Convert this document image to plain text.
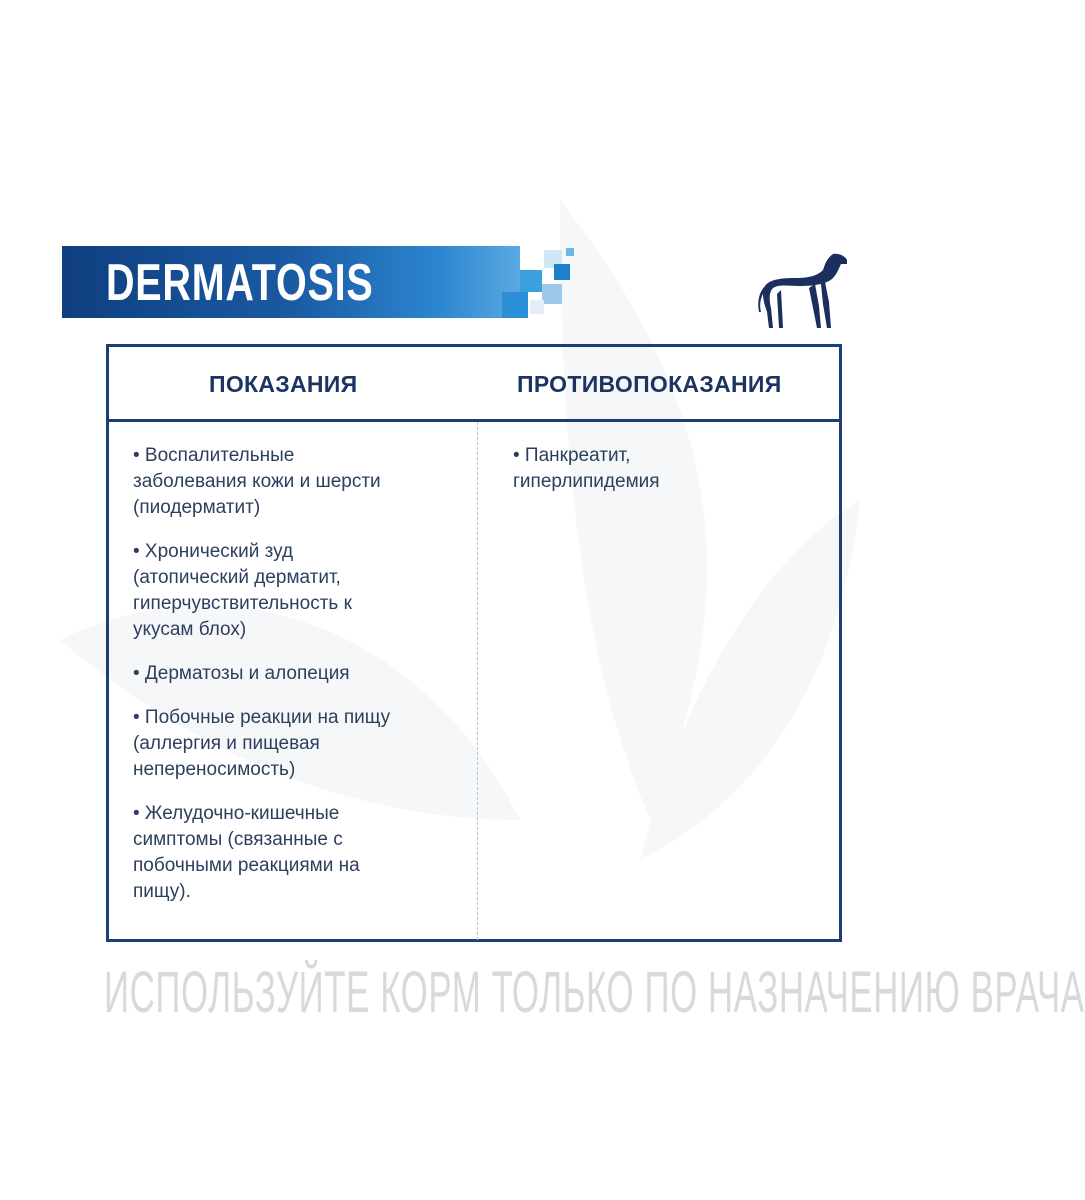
DERMATOSIS
ПОКАЗАНИЯ	ПРОТИВОПОКАЗАНИЯ
• Воспалительные
заболевания кожи и шерсти
(пиодерматит)
• Хронический зуд
(атопический дерматит,
гиперчувствительность к
укусам блох)
• Дерматозы и алопеция
• Побочные реакции на пищу
(аллергия и пищевая
непереносимость)
• Желудочно-кишечные
симптомы (связанные с
побочными реакциями на
пищу).
• Панкреатит,
гиперлипидемия
ИСПОЛЬЗУЙТЕ КОРМ ТОЛЬКО ПО НАЗНАЧЕНИЮ ВРАЧА
